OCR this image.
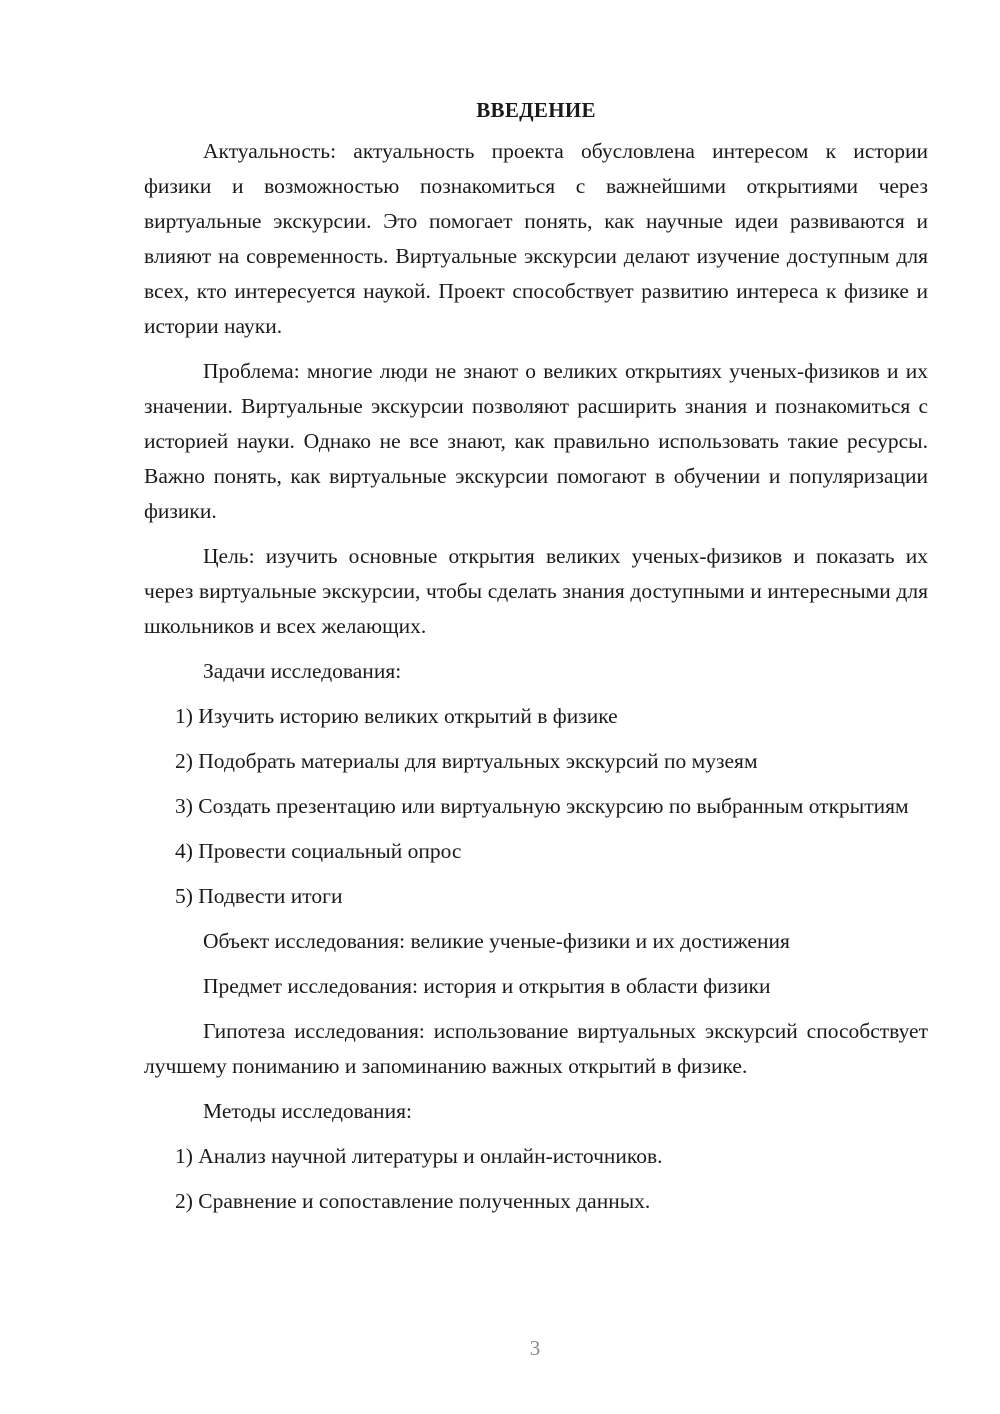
ВВЕДЕНИЕ

Актуальность: актуальность проекта обусловлена интересом к истории физики и возможностью познакомиться с важнейшими открытиями через виртуальные экскурсии. Это помогает понять, как научные идеи развиваются и влияют на современность. Виртуальные экскурсии делают изучение доступным для всех, кто интересуется наукой. Проект способствует развитию интереса к физике и истории науки.

Проблема: многие люди не знают о великих открытиях ученых-физиков и их значении. Виртуальные экскурсии позволяют расширить знания и познакомиться с историей науки. Однако не все знают, как правильно использовать такие ресурсы. Важно понять, как виртуальные экскурсии помогают в обучении и популяризации физики.

Цель: изучить основные открытия великих ученых-физиков и показать их через виртуальные экскурсии, чтобы сделать знания доступными и интересными для школьников и всех желающих.

Задачи исследования:

1) Изучить историю великих открытий в физике

2) Подобрать материалы для виртуальных экскурсий по музеям

3) Создать презентацию или виртуальную экскурсию по выбранным открытиям

4) Провести социальный опрос

5) Подвести итоги

Объект исследования: великие ученые-физики и их достижения

Предмет исследования: история и открытия в области физики

Гипотеза исследования: использование виртуальных экскурсий способствует лучшему пониманию и запоминанию важных открытий в физике.

Методы исследования:

1) Анализ научной литературы и онлайн-источников.

2) Сравнение и сопоставление полученных данных.

3
